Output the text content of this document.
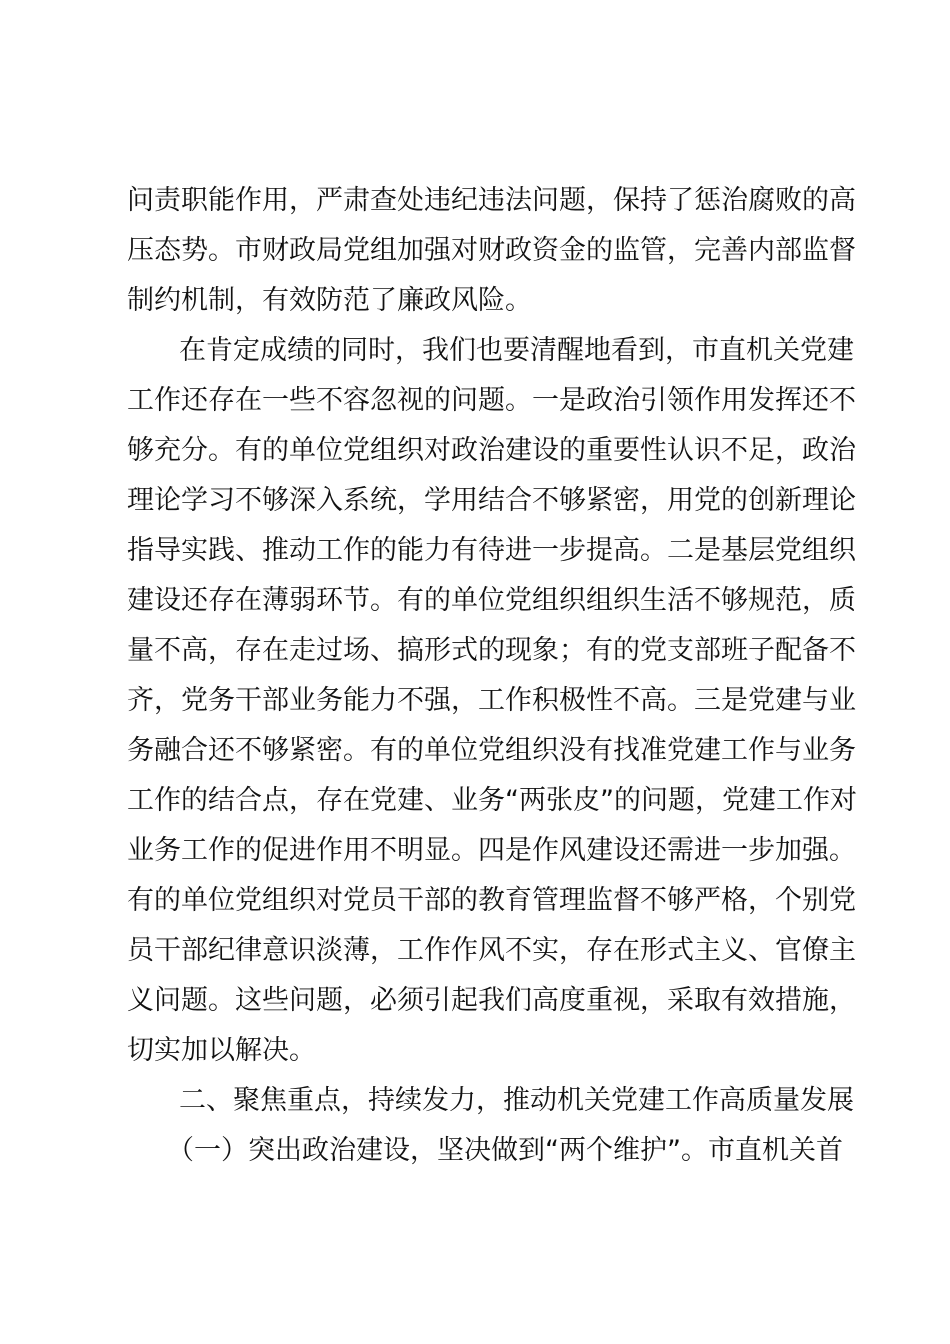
问责职能作用，严肃查处违纪违法问题，保持了惩治腐败的高
压态势。市财政局党组加强对财政资金的监管，完善内部监督
制约机制，有效防范了廉政风险。
在肯定成绩的同时，我们也要清醒地看到，市直机关党建
工作还存在一些不容忽视的问题。一是政治引领作用发挥还不
够充分。有的单位党组织对政治建设的重要性认识不足，政治
理论学习不够深入系统，学用结合不够紧密，用党的创新理论
指导实践、推动工作的能力有待进一步提高。二是基层党组织
建设还存在薄弱环节。有的单位党组织组织生活不够规范，质
量不高，存在走过场、搞形式的现象；有的党支部班子配备不
齐，党务干部业务能力不强，工作积极性不高。三是党建与业
务融合还不够紧密。有的单位党组织没有找准党建工作与业务
工作的结合点，存在党建、业务“两张皮”的问题，党建工作对
业务工作的促进作用不明显。四是作风建设还需进一步加强。
有的单位党组织对党员干部的教育管理监督不够严格，个别党
员干部纪律意识淡薄，工作作风不实，存在形式主义、官僚主
义问题。这些问题，必须引起我们高度重视，采取有效措施，
切实加以解决。
二、聚焦重点，持续发力，推动机关党建工作高质量发展
（一）突出政治建设，坚决做到“两个维护”。市直机关首
